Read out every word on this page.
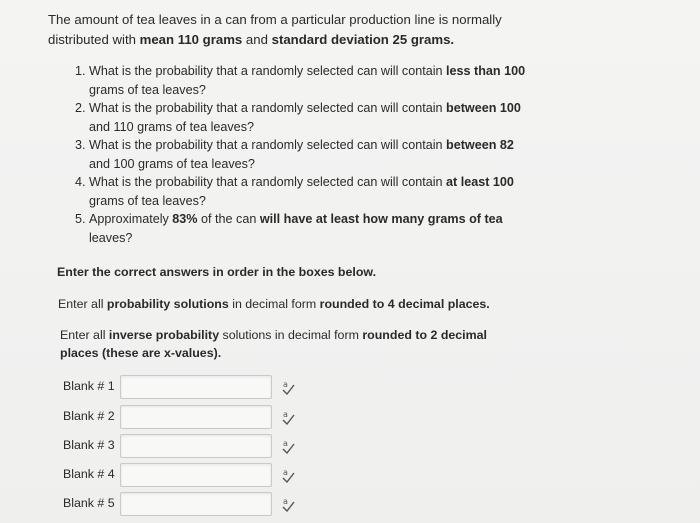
The amount of tea leaves in a can from a particular production line is normally distributed with mean 110 grams and standard deviation 25 grams.
1. What is the probability that a randomly selected can will contain less than 100 grams of tea leaves?
2. What is the probability that a randomly selected can will contain between 100 and 110 grams of tea leaves?
3. What is the probability that a randomly selected can will contain between 82 and 100 grams of tea leaves?
4. What is the probability that a randomly selected can will contain at least 100 grams of tea leaves?
5. Approximately 83% of the can will have at least how many grams of tea leaves?
Enter the correct answers in order in the boxes below.
Enter all probability solutions in decimal form rounded to 4 decimal places.
Enter all inverse probability solutions in decimal form rounded to 2 decimal places (these are x-values).
Blank # 1	a
Blank # 2	a
Blank # 3	a
Blank # 4	a
Blank # 5	a
